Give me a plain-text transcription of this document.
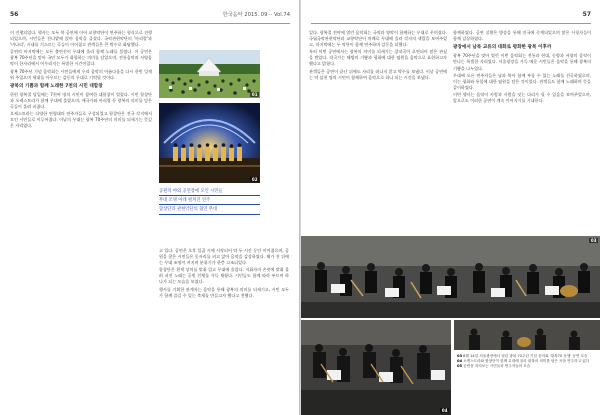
56	한국음악 2015. 09 ·· Vol.74

이 진행되었다. 행사는 모두 북 공연에 이어 교향악단이 연주하는 형식으로 진행되었으며, 시민들은 잔디밭에 앉아 음악을 즐겼다. 국악관현악단의 '아리랑'과 '비나리', 시대를 거스르는 곡들이 이어졌고 관객들은 큰 박수로 화답했다.

공연의 마지막에는 모든 출연진이 무대에 올라 함께 노래를 불렀다. 이 공연은 광복 70주년을 맞아 국민 모두가 화합하는 의미를 담았으며, 전통음악과 서양음악이 한자리에서 어우러지는 특별한 시간이었다.

광복 70주년 기념 음악회는 시민들에게 우리 음악의 아름다움을 다시 한번 일깨워 주었으며 세대를 아우르는 감동의 무대로 기억될 것이다.

광복의 기쁨과 함께 노래한 7천의 시민 대합창

한편 광복절 당일에는 7천여 명의 시민이 참여한 대합창이 열렸다. 시민 합창단과 오케스트라가 함께 무대에 올랐으며, 애국가와 아리랑 등 광복의 의미를 담은 곡들이 울려 퍼졌다.

오케스트라는 다양한 연령대의 연주자들로 구성되었고 합창단은 전국 각지에서 모인 시민들로 이루어졌다. 이날의 무대는 광복 70주년의 의미를 되새기는 뜻깊은 자리였다.

01
02
공원의 야외 공연장에 모인 시민들
무대 조명 아래 펼쳐진 연주
합창단과 관현악단의 협연 무대

고 있다. 공연은 오후 일곱 시에 시작되어 약 두 시간 동안 이어졌으며, 공원을 찾은 시민들은 돗자리를 펴고 앉아 음악을 감상하였다. 해가 진 뒤에는 무대 조명이 켜지며 분위기가 한층 고조되었다.

합창단은 흰색 상의를 맞춰 입고 무대에 올랐다. 지휘자의 손짓에 맞춰 울려 퍼진 노래는 공원 전체를 가득 채웠다. 시민들도 함께 따라 부르며 하나가 되는 모습을 보였다.

행사를 기획한 관계자는 음악을 통해 광복의 의미를 되새기고, 시민 모두가 함께 즐길 수 있는 축제를 만들고자 했다고 전했다.

57

있다. 광복절 전야에 열린 음악회는 국악과 양악이 함께하는 무대로 꾸며졌다. 국립국악관현악단과 교향악단이 차례로 무대에 올라 각자의 색깔을 보여주었고, 마지막에는 두 악단이 함께 연주하며 감동을 더했다.

특히 이번 공연에서는 광복의 의미를 되새기는 창작곡이 초연되어 많은 관심을 받았다. 작곡가는 해방의 기쁨과 평화에 대한 염원을 음악으로 표현하고자 했다고 밝혔다.

관객들은 공연이 끝난 뒤에도 자리를 떠나지 않고 박수를 보냈다. 이날 공연에는 약 삼천 명의 시민이 함께하여 음악으로 하나 되는 시간을 보냈다.

함께하였다. 공연 실황은 방송을 통해 전국에 중계되었으며 많은 시청자들이 함께 감상하였다.

광장에서 남북 교류의 대화로 평화한 광복 이후까

광복 70주년을 맞아 열린 이번 음악회는 전통과 현대, 동양과 서양의 음악이 만나는 특별한 자리였다. 서울광장을 가득 메운 시민들은 음악을 통해 광복의 기쁨을 나누었다.

무대에 오른 연주자들은 남과 북이 함께 부를 수 있는 노래를 선곡하였으며, 이는 평화와 통일에 대한 염원을 담은 것이었다. 관객들도 함께 노래하며 뜻을 같이하였다.

이번 행사는 음악이 사람과 사람을 잇는 다리가 될 수 있음을 보여주었으며, 앞으로도 이러한 공연이 계속 이어지기를 기대한다.

03
04
03 8월 14일 서울광장에서 열린 광복 70주년 기념 음악회 '광복70 동행' 공연 모습
04 오케스트라와 합창단이 함께 무대에 올라 광복의 의미를 담은 곡을 연주하고 있다
05 공연을 지켜보는 시민들과 연주자들의 모습
